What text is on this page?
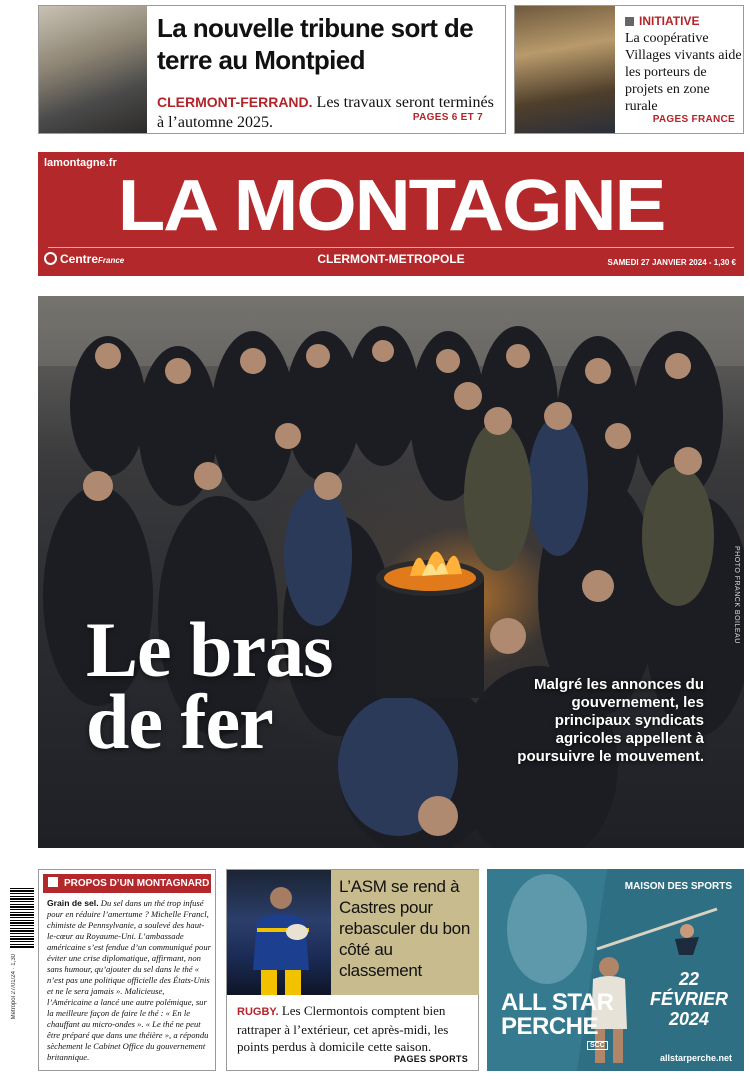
La nouvelle tribune sort de terre au Montpied

CLERMONT-FERRAND. Les travaux seront terminés à l’automne 2025.	PAGES 6 ET 7
INITIATIVE

La coopérative Villages vivants aide les porteurs de projets en zone rurale

PAGES FRANCE
lamontagne.fr
LA MONTAGNE
CentreFrance	CLERMONT-METROPOLE	SAMEDI 27 JANVIER 2024 - 1,30 €
PHOTO FRANCK BOILEAU
Le bras
de fer	Malgré les annonces du gouvernement, les principaux syndicats agricoles appellent à poursuivre le mouvement.

Metropol 27/01/24 · 1,30
PROPOS D’UN MONTAGNARD

Grain de sel. Du sel dans un thé trop infusé pour en réduire l’amertume ? Michelle Francl, chimiste de Pennsylvanie, a soulevé des haut-le-cœur au Royaume-Uni. L’ambassade américaine s’est fendue d’un communiqué pour éviter une crise diplomatique, affirmant, non sans humour, qu’ajouter du sel dans le thé « n’est pas une politique officielle des États-Unis et ne le sera jamais ». Malicieuse, l’Américaine a lancé une autre polémique, sur la meilleure façon de faire le thé : « En le chauffant au micro-ondes ». « Le thé ne peut être préparé que dans une théière », a répondu sèchement le Cabinet Office du gouvernement britannique.

L’ASM se rend à Castres pour rebasculer du bon côté au classement

RUGBY. Les Clermontois comptent bien rattraper à l’extérieur, cet après-midi, les points perdus à domicile cette saison.

PAGES SPORTS
MAISON DES SPORTS
22
FÉVRIER
2024
ALL STAR
PERCHE
SCC
allstarperche.net
